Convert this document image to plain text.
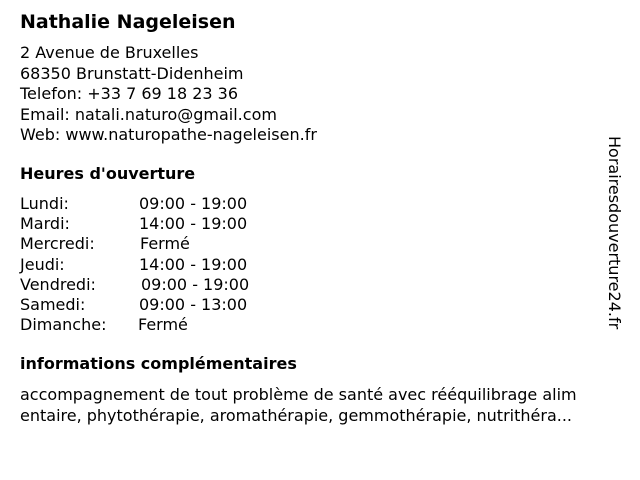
Nathalie Nageleisen
2 Avenue de Bruxelles
68350 Brunstatt-Didenheim
Telefon: +33 7 69 18 23 36
Email: natali.naturo@gmail.com
Web: www.naturopathe-nageleisen.fr
Heures d'ouverture
Lundi:	09:00 - 19:00
Mardi:	14:00 - 19:00
Mercredi:	Fermé
Jeudi:	14:00 - 19:00
Vendredi:	09:00 - 19:00
Samedi:	09:00 - 13:00
Dimanche: Fermé
informations complémentaires
accompagnement de tout problème de santé avec rééquilibrage alim
entaire, phytothérapie, aromathérapie, gemmothérapie, nutrithéra...
Horairesdouverture24.fr
